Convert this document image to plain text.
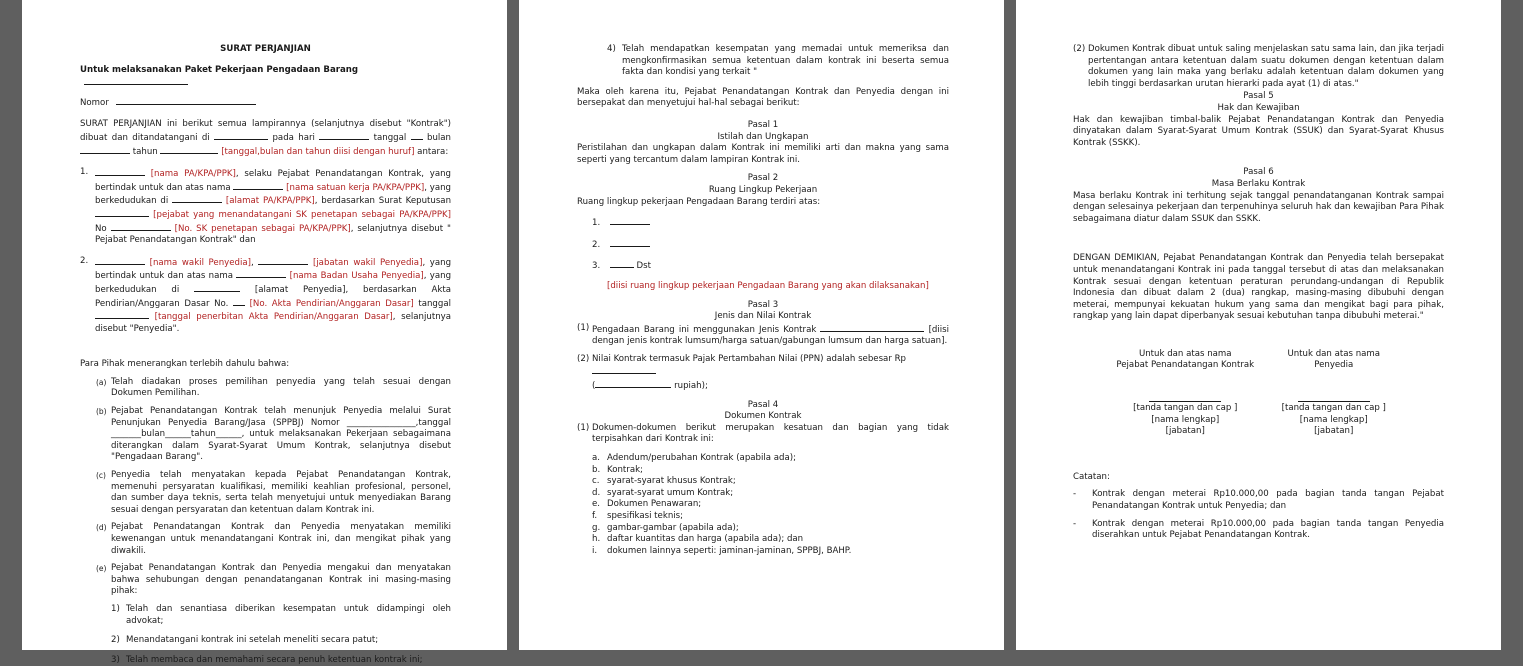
SURAT PERJANJIAN

Untuk melaksanakan Paket Pekerjaan Pengadaan Barang

Nomor

SURAT PERJANJIAN ini berikut semua lampirannya (selanjutnya disebut "Kontrak") dibuat dan ditandatangani di	pada hari	tanggal bulan  tahun	[tanggal,bulan dan tahun diisi dengan huruf] antara:

1.	[nama PA/KPA/PPK], selaku Pejabat Penandatangan Kontrak, yang bertindak untuk dan atas nama	[nama satuan kerja PA/KPA/PPK], yang berkedudukan di	[alamat PA/KPA/PPK], berdasarkan Surat Keputusan  [pejabat yang menandatangani SK penetapan sebagai PA/KPA/PPK] No	[No. SK penetapan sebagai PA/KPA/PPK], selanjutnya disebut " Pejabat Penandatangan Kontrak" dan

2.	[nama wakil Penyedia],	[jabatan wakil Penyedia], yang bertindak untuk dan atas nama	[nama Badan Usaha Penyedia], yang berkedudukan di	[alamat Penyedia], berdasarkan Akta Pendirian/Anggaran Dasar No. [No. Akta Pendirian/Anggaran Dasar] tanggal  [tanggal penerbitan Akta Pendirian/Anggaran Dasar], selanjutnya disebut "Penyedia".

Para Pihak menerangkan terlebih dahulu bahwa:

(a) Telah diadakan proses pemilihan penyedia yang telah sesuai dengan Dokumen Pemilihan.

(b) Pejabat Penandatangan Kontrak telah menunjuk Penyedia melalui Surat Penunjukan Penyedia Barang/Jasa (SPPBJ) Nomor ________________,tanggal _______bulan______tahun______, untuk melaksanakan Pekerjaan sebagaimana diterangkan dalam Syarat-Syarat Umum Kontrak, selanjutnya disebut "Pengadaan Barang".

(c) Penyedia telah menyatakan kepada Pejabat Penandatangan Kontrak, memenuhi persyaratan kualifikasi, memiliki keahlian profesional, personel, dan sumber daya teknis, serta telah menyetujui untuk menyediakan Barang sesuai dengan persyaratan dan ketentuan dalam Kontrak ini.

(d) Pejabat Penandatangan Kontrak dan Penyedia menyatakan memiliki kewenangan untuk menandatangani Kontrak ini, dan mengikat pihak yang diwakili.

(e) Pejabat Penandatangan Kontrak dan Penyedia mengakui dan menyatakan bahwa sehubungan dengan penandatanganan Kontrak ini masing-masing pihak:

1) Telah dan senantiasa diberikan kesempatan untuk didampingi oleh advokat;

2) Menandatangani kontrak ini setelah meneliti secara patut;

3) Telah membaca dan memahami secara penuh ketentuan kontrak ini;

4) Telah mendapatkan kesempatan yang memadai untuk memeriksa dan mengkonfirmasikan semua ketentuan dalam kontrak ini beserta semua fakta dan kondisi yang terkait "

Maka oleh karena itu, Pejabat Penandatangan Kontrak dan Penyedia dengan ini bersepakat dan menyetujui hal-hal sebagai berikut:

Pasal 1

Istilah dan Ungkapan

Peristilahan dan ungkapan dalam Kontrak ini memiliki arti dan makna yang sama seperti yang tercantum dalam lampiran Kontrak ini.

Pasal 2

Ruang Lingkup Pekerjaan

Ruang lingkup pekerjaan Pengadaan Barang terdiri atas:

1.

2.

3.	Dst

[diisi ruang lingkup pekerjaan Pengadaan Barang yang akan dilaksanakan]

Pasal 3

Jenis dan Nilai Kontrak

(1) Pengadaan Barang ini menggunakan Jenis Kontrak	[diisi dengan jenis kontrak lumsum/harga satuan/gabungan lumsum dan harga satuan].

(2) Nilai Kontrak termasuk Pajak Pertambahan Nilai (PPN) adalah sebesar Rp
(	rupiah);

Pasal 4

Dokumen Kontrak

(1) Dokumen-dokumen berikut merupakan kesatuan dan bagian yang tidak terpisahkan dari Kontrak ini:

a. Adendum/perubahan Kontrak (apabila ada);
b. Kontrak;
c. syarat-syarat khusus Kontrak;
d. syarat-syarat umum Kontrak;
e. Dokumen Penawaran;
f.	spesifikasi teknis;
g. gambar-gambar (apabila ada);
h. daftar kuantitas dan harga (apabila ada); dan
i.	dokumen lainnya seperti: jaminan-jaminan, SPPBJ, BAHP.
(2) Dokumen Kontrak dibuat untuk saling menjelaskan satu sama lain, dan jika terjadi pertentangan antara ketentuan dalam suatu dokumen dengan ketentuan dalam dokumen yang lain maka yang berlaku adalah ketentuan dalam dokumen yang lebih tinggi berdasarkan urutan hierarki pada ayat (1) di atas."

Pasal 5

Hak dan Kewajiban

Hak dan kewajiban timbal-balik Pejabat Penandatangan Kontrak dan Penyedia dinyatakan dalam Syarat-Syarat Umum Kontrak (SSUK) dan Syarat-Syarat Khusus Kontrak (SSKK).

Pasal 6

Masa Berlaku Kontrak

Masa berlaku Kontrak ini terhitung sejak tanggal penandatanganan Kontrak sampai dengan selesainya pekerjaan dan terpenuhinya seluruh hak dan kewajiban Para Pihak sebagaimana diatur dalam SSUK dan SSKK.

DENGAN DEMIKIAN, Pejabat Penandatangan Kontrak dan Penyedia telah bersepakat untuk menandatangani Kontrak ini pada tanggal tersebut di atas dan melaksanakan Kontrak sesuai dengan ketentuan peraturan perundang-undangan di Republik Indonesia dan dibuat dalam 2 (dua) rangkap, masing-masing dibubuhi dengan meterai, mempunyai kekuatan hukum yang sama dan mengikat bagi para pihak, rangkap yang lain dapat diperbanyak sesuai kebutuhan tanpa dibubuhi meterai."

Untuk dan atas nama

Pejabat Penandatangan Kontrak

[tanda tangan dan cap ]

[nama lengkap]

[jabatan]

Untuk dan atas nama

Penyedia

[tanda tangan dan cap ]

[nama lengkap]

[jabatan]

Catatan:

-	Kontrak dengan meterai Rp10.000,00 pada bagian tanda tangan Pejabat Penandatangan Kontrak untuk Penyedia; dan

-	Kontrak dengan meterai Rp10.000,00 pada bagian tanda tangan Penyedia diserahkan untuk Pejabat Penandatangan Kontrak.
